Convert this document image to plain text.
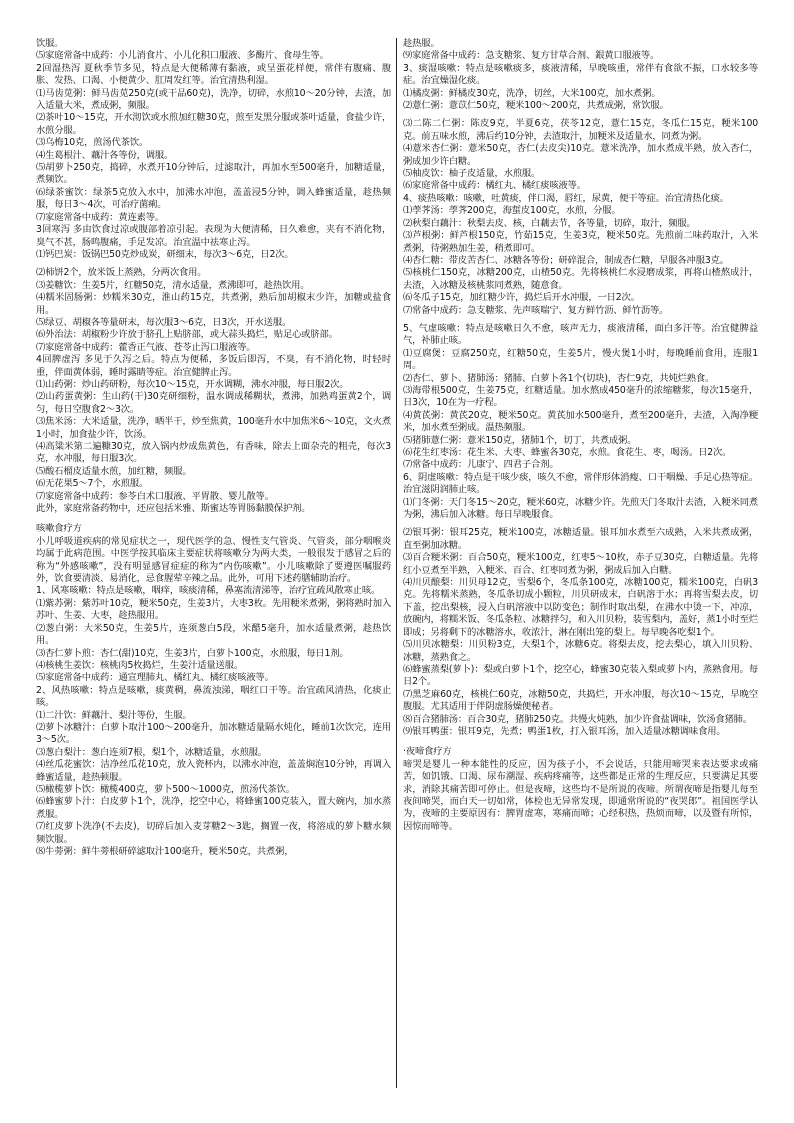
饮服。

⑸家庭常备中成药：小儿消食片、小儿化积口服液、多酶片、食母生等。

2回湿热泻 夏秋季节多见，特点是大便稀薄有黏液，或呈蛋花样便，常伴有腹痛、腹胀、发热、口渴、小便黄少、肛周发红等。治宜清热利湿。

⑴马齿苋粥：鲜马齿苋250克(或干品60克)，洗净，切碎，水煎10～20分钟，去渣，加入适量大米，煮成粥，频服。

⑵茶叶10～15克，开水沏饮或水煎加红糖30克，煎至发黑分服或茶叶适量，食盐少许，水煎分服。

⑶乌梅10克，煎汤代茶饮。

⑷生葛根汁、藕汁各等份，调服。

⑸胡萝卜250克，捣碎，水煮开10分钟后，过滤取汁，再加水至500毫升，加糖适量，煮频饮。

⑹绿茶蜜饮：绿茶5克放入水中，加沸水冲泡，盖盖浸5分钟，调入蜂蜜适量，趁热频服，每日3～4次，可治疗菌痢。

⑺家庭常备中成药：黄连素等。

3回寒泻 多由饮食过凉或腹部着凉引起。表现为大便清稀，日久难愈，夹有不消化物，臭气不甚，肠鸣腹痛，手足发凉。治宜温中祛寒止泻。

⑴钙巴炭：饭锅巴50克炒成炭，研细末，每次3～6克，日2次。

⑵柿饼2个，放米饭上蒸熟，分两次食用。

⑶姜糖饮：生姜5片，红糖50克，清水适量，煮沸即可，趁热饮用。

⑷糯米固肠粥：炒糯米30克，淮山药15克，共煮粥，熟后加胡椒末少许，加糖或盐食用。

⑸绿豆、胡椒各等量研末，每次服3～6克，日3次，开水送服。

⑹外治法：胡椒粉少许放于脐孔上贴脐部，或大蒜头捣烂，贴足心或脐部。

⑺家庭常备中成药：藿香正气液、苍苓止泻口服液等。

4回脾虚泻 多见于久泻之后。特点为便稀，多饭后即泻，不臭，有不消化物，时轻时重，伴面黄体弱，睡时露睛等症。治宜健脾止泻。

⑴山药粥：炒山药研粉，每次10～15克，开水调糊，沸水冲服，每日服2次。

⑵山药蛋黄粥：生山药(干)30克研细粉，温水调成稀糊状，煮沸，加熟鸡蛋黄2个，调匀，每日空腹食2～3次。

⑶焦米汤：大米适量，洗净，晒半干，炒至焦黄，100毫升水中加焦米6～10克，文火煮1小时，加食盐少许，饮汤。

⑷高粱米第二遍糠30克，放入锅内炒成焦黄色，有香味，除去上面杂壳的粗壳，每次3克，水冲服，每日服3次。

⑸酸石榴皮适量水煎，加红糖，频服。

⑹无花果5～7个，水煎服。

⑺家庭常备中成药：参苓白术口服液、平胃散、婴儿散等。

此外，家庭常备药物中，还应包括米雅、斯蜜达等胃肠黏膜保护剂。

咳嗽食疗方

小儿呼吸道疾病的常见症状之一，现代医学的急、慢性支气管炎、气管炎，部分咽喉炎均属于此病范围。中医学按其临床主要症状将咳嗽分为两大类，一般很发于感冒之后的称为“外感咳嗽”，没有明显感冒症症的称为“内伤咳嗽”。小儿咳嗽除了要遵医嘱服药外，饮食要清淡、易消化，忌食腥荤辛辣之品。此外，可用下述药膳辅助治疗。

1、风寒咳嗽：特点是咳嗽，咽痒，咳痰清稀，鼻塞流清涕等，治疗宜疏风散寒止咳。

⑴紫苏粥：紫苏叶10克，粳米50克，生姜3片，大枣3枚。先用粳米煮粥，粥将熟时加入苏叶、生姜、大枣，趁热服用。

⑵葱白粥：大米50克，生姜5片，连须葱白5段，米醋5毫升，加水适量煮粥，趁热饮用。

⑶杏仁萝卜煎：杏仁(甜)10克，生姜3片，白萝卜100克，水煎服，每日1剂。

⑷核桃生姜饮：核桃肉5枚捣烂，生姜汁适量送服。

⑸家庭常备中成药：通宣理肺丸、橘红丸、橘红痰咳液等。

2、风热咳嗽：特点是咳嗽，痰黄稠，鼻流浊涕，咽红口干等。治宜疏风清热，化痰止咳。

⑴二汁饮：鲜藕汁、梨汁等份，生服。

⑵萝卜冰糖汁：白萝卜取汁100～200毫升，加冰糖适量隔水炖化，睡前1次饮完，连用3～5次。

⑶葱白梨汁：葱白连须7根，梨1个，冰糖适量，水煎服。

⑷丝瓜花蜜饮：洁净丝瓜花10克，放入瓷杯内，以沸水冲泡，盖盖焖泡10分钟，再调入蜂蜜适量，趁热顿服。

⑸橄榄萝卜饮：橄榄400克，萝卜500～1000克，煎汤代茶饮。

⑹蜂蜜萝卜汁：白皮萝卜1个，洗净，挖空中心，将蜂蜜100克装入，置大碗内，加水蒸煮服。

⑺红皮萝卜洗净(不去皮)，切碎后加入麦芽糖2～3匙，搁置一夜，将溶成的萝卜糖水频频饮服。

⑻牛蒡粥：鲜牛蒡根研碎滤取汁100毫升，粳米50克，共煮粥，

趁热服。

⑼家庭常备中成药：急支糖浆、复方甘草合剂、銀黄口服液等。

3、痰湿咳嗽：特点是咳嗽痰多，痰液清稀，早晚咳重，常伴有食欲不振，口水较多等症。治宜燥湿化痰。

⑴橘皮粥：鲜橘皮30克，洗净，切丝，大米100克，加水煮粥。

⑵薏仁粥：薏苡仁50克，粳米100～200克，共煮成粥，常饮服。

⑶二陈二仁粥：陈皮9克，半夏6克，茯苓12克，薏仁15克，冬瓜仁15克，粳米100克。前五味水煎，沸后约10分钟，去渣取汁，加粳米及适量水，同煮为粥。

⑷薏米杏仁粥：薏米50克，杏仁(去皮尖)10克。薏米洗净，加水煮成半熟，放入杏仁，粥成加少许白糖。

⑸柚皮饮：柚子皮适量，水煎服。

⑹家庭常备中成药：橘红丸、橘红痰咳液等。

4、痰热咳嗽：咳嗽，吐黄痰，伴口渴，唇红，尿黄，便干等症。治宜清热化痰。

⑴荸荠汤：荸荠200克，海蜇皮100克，水煎，分服。

⑵秋梨白藕汁：秋梨去皮、核，白藕去节，各等量，切碎，取汁，频服。

⑶芦根粥：鲜芦根150克，竹茹15克，生姜3克，粳米50克。先煎前二味药取汁，入米煮粥，待粥熟加生姜，稍煮即可。

⑷杏仁糖：带皮苦杏仁、冰糖各等份；研碎混合，制成杏仁糖，早服各冲服3克。

⑸核桃仁150克，冰糖200克，山楂50克。先将核桃仁水浸磨成浆，再将山楂熬成汁，去渣，入冰糖及核桃浆同煮熟，随意食。

⑹冬瓜子15克，加红糖少许，捣烂后开水冲服，一日2次。

⑺常备中成药：急支糖浆、先声咳喘宁、复方鲜竹沥、鲜竹沥等。

5、气虚咳嗽：特点是咳嗽日久不愈，咳声无力，痰液清稀，面白多汗等。治宜健脾益气，补肺止咳。

⑴豆腐煲：豆腐250克，红糖50克，生姜5片，慢火煲1小时，每晚睡前食用，连服1周。

⑵杏仁、萝卜、猪肺汤：猪肺、白萝卜各1个(切块)，杏仁9克，共炖烂熟食。

⑶海带根500克，生姜75克，红糖适量。加水熬成450毫升的浓缩糖浆，每次15毫升，日3次，10在为一疗程。

⑷黄芪粥：黄芪20克，粳米50克。黄芪加水500毫升，煮至200毫升，去渣，入淘净粳米，加水煮至粥成。温热频服。

⑸猪肺薏仁粥：薏米150克，猪肺1个，切丁，共煮成粥。

⑹花生红枣汤：花生米、大枣、蜂蜜各30克，水煎。食花生、枣，喝汤。日2次。

⑺常备中成药：儿康宁、四君子合剂。

6、阴虚咳嗽：特点是干咳少痰，咳久不愈，常伴形体消瘦、口干咽燥、手足心热等症。治宜滋阴润肺止咳。

⑴门冬粥：天门冬15～20克，粳米60克，冰糖少许。先煎天门冬取汁去渣，入粳米同煮为粥，沸后加入冰糖。每日早晚服食。

⑵银耳粥：银耳25克，粳米100克，冰糖适量。银耳加水煮至六成熟，入米共煮成粥，直至粥加冰糖。

⑶百合粳米粥：百合50克，粳米100克，红枣5～10枚，赤子豆30克，白糖适量。先将红小豆煮至半熟，入粳米、百合、红枣同煮为粥，粥成后加入白糖。

⑷川贝酿梨：川贝母12克，雪梨6个，冬瓜条100克，冰糖100克，糯米100克，白矾3克。先将糯米蒸熟，冬瓜条切成小颗粒，川贝研成末，白矾溶于水；再将雪梨去皮，切下盖，挖出梨核，浸入白矾溶液中以防变色；制作时取出梨，在沸水中烫一下，冲凉，放碗内，将糯米饭、冬瓜条粒、冰糖拌匀，和入川贝粉，装雪梨内，盖好，蒸1小时至烂即成；另将剩下的冰糖溶水，收浓汁，淋在刚出笼的梨上。每早晚各吃梨1个。

⑸川贝冰糖梨：川贝粉3克，大梨1个，冰糖6克。将梨去皮，挖去梨心，填入川贝粉、冰糖，蒸熟食之。

⑹蜂蜜蒸梨(萝卜)：梨或白萝卜1个，挖空心，蜂蜜30克装入梨或萝卜内，蒸熟食用。每日2个。

⑺黑芝麻60克，核桃仁60克，冰糖50克，共捣烂，开水冲服，每次10～15克，早晚空腹服。尤其适用于伴阴虚肠燥便秘者。

⑻百合猪肺汤：百合30克，猪肺250克。共慢火炖熟，加少许食盐调味，饮汤食猪肺。

⑼银耳鸭蛋：银耳9克，先煮；鸭蛋1枚，打入银耳汤，加入适量冰糖调味食用。

·夜啼食疗方

啼哭是婴儿一种本能性的反应，因为孩子小，不会说话，只能用啼哭来表达要求或痛苦，如饥饿、口渴、尿布潮湿、疾病疼痛等，这些都是正常的生理反应，只要满足其要求，消除其痛苦即可停止。但是夜啼，这些均不是所说的夜啼。所谓夜啼是指婴儿每至夜间啼哭，而白天一切如常，体检也无异常发现，即通常所说的“夜哭郎”。祖国医学认为，夜啼的主要原因有：脾胃虚寒，寒痛而啼；心经积热，热烦而啼，以及暨有所惊，因惊而啼等。
